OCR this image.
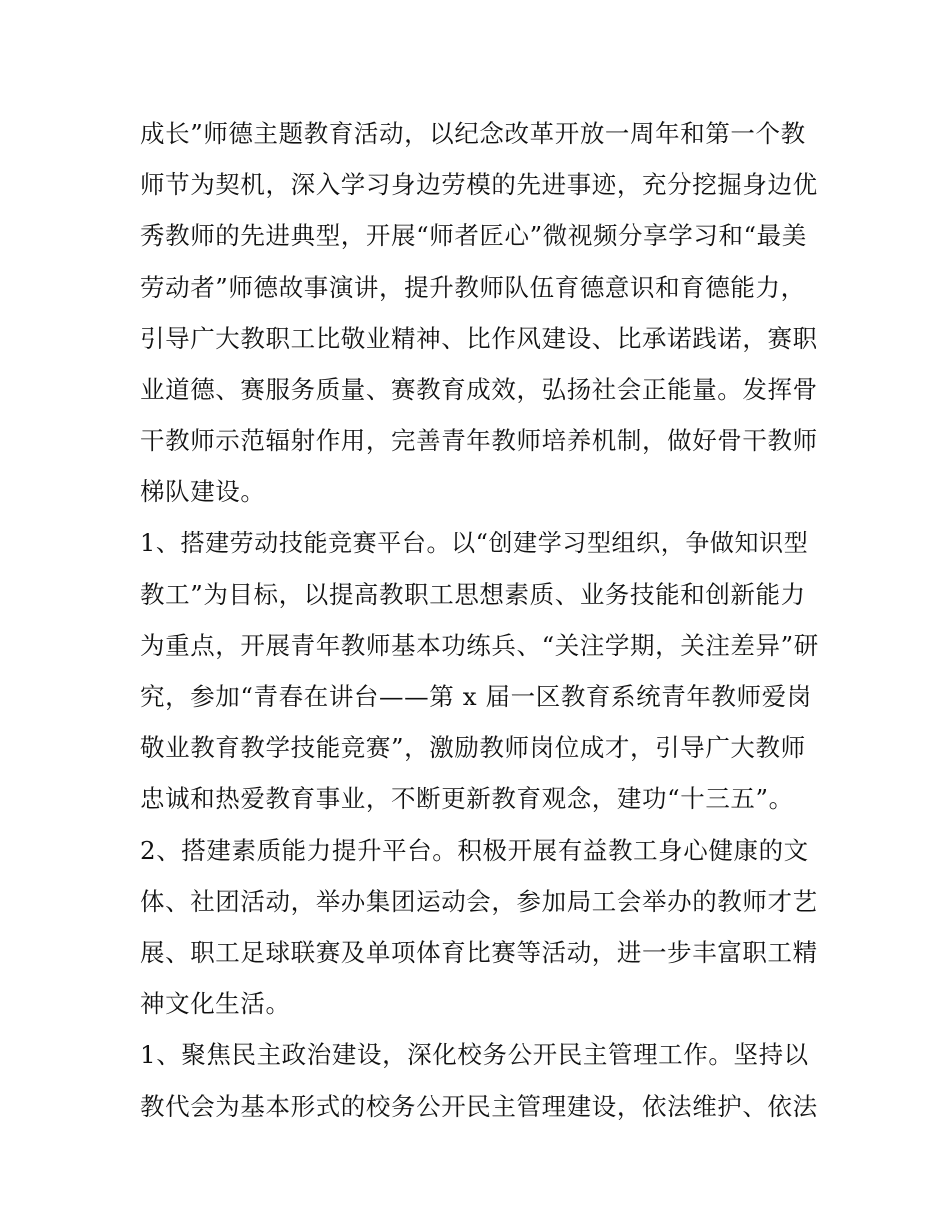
成长”师德主题教育活动，以纪念改革开放一周年和第一个教
师节为契机，深入学习身边劳模的先进事迹，充分挖掘身边优
秀教师的先进典型，开展“师者匠心”微视频分享学习和“最美
劳动者”师德故事演讲，提升教师队伍育德意识和育德能力，
引导广大教职工比敬业精神、比作风建设、比承诺践诺，赛职
业道德、赛服务质量、赛教育成效，弘扬社会正能量。发挥骨
干教师示范辐射作用，完善青年教师培养机制，做好骨干教师
梯队建设。
1、搭建劳动技能竞赛平台。以“创建学习型组织，争做知识型
教工”为目标，以提高教职工思想素质、业务技能和创新能力
为重点，开展青年教师基本功练兵、“关注学期，关注差异”研
究，参加“青春在讲台——第 x 届一区教育系统青年教师爱岗
敬业教育教学技能竞赛”，激励教师岗位成才，引导广大教师
忠诚和热爱教育事业，不断更新教育观念，建功“十三五”。
2、搭建素质能力提升平台。积极开展有益教工身心健康的文
体、社团活动，举办集团运动会，参加局工会举办的教师才艺
展、职工足球联赛及单项体育比赛等活动，进一步丰富职工精
神文化生活。
1、聚焦民主政治建设，深化校务公开民主管理工作。坚持以
教代会为基本形式的校务公开民主管理建设，依法维护、依法
